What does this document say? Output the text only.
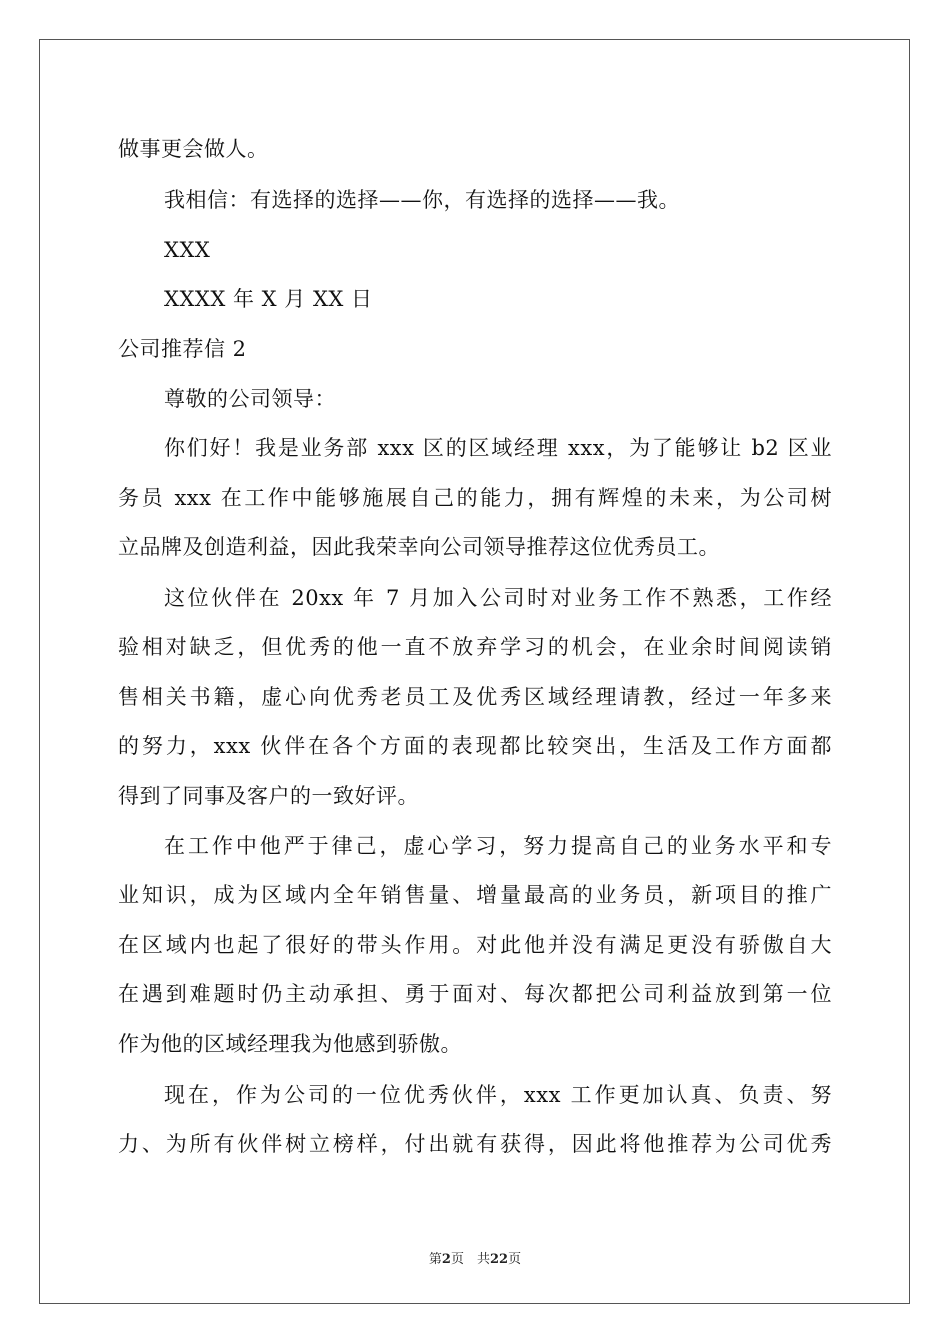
做事更会做人。
我相信：有选择的选择——你，有选择的选择——我。
XXX
XXXX 年 X 月 XX 日
公司推荐信 2
尊敬的公司领导：
你们好！我是业务部 xxx 区的区域经理 xxx，为了能够让 b2 区业
务员 xxx 在工作中能够施展自己的能力，拥有辉煌的未来，为公司树
立品牌及创造利益，因此我荣幸向公司领导推荐这位优秀员工。
这位伙伴在 20xx 年 7 月加入公司时对业务工作不熟悉，工作经
验相对缺乏，但优秀的他一直不放弃学习的机会，在业余时间阅读销
售相关书籍，虚心向优秀老员工及优秀区域经理请教，经过一年多来
的努力，xxx 伙伴在各个方面的表现都比较突出，生活及工作方面都
得到了同事及客户的一致好评。
在工作中他严于律己，虚心学习，努力提高自己的业务水平和专
业知识，成为区域内全年销售量、增量最高的业务员，新项目的推广
在区域内也起了很好的带头作用。对此他并没有满足更没有骄傲自大
在遇到难题时仍主动承担、勇于面对、每次都把公司利益放到第一位
作为他的区域经理我为他感到骄傲。
现在，作为公司的一位优秀伙伴，xxx 工作更加认真、负责、努
力、为所有伙伴树立榜样，付出就有获得，因此将他推荐为公司优秀
第2页　共22页
